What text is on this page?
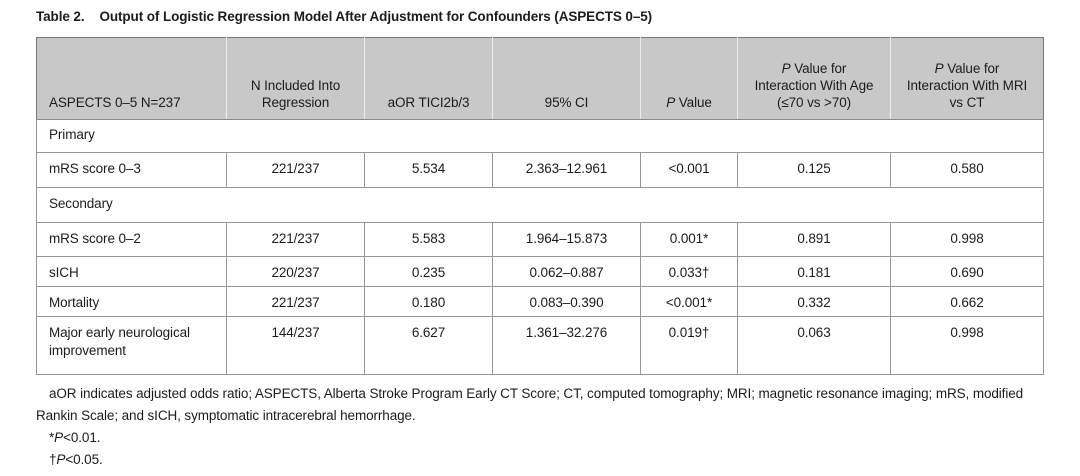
Table 2. Output of Logistic Regression Model After Adjustment for Confounders (ASPECTS 0–5)

ASPECTS 0–5 N=237	N Included Into Regression	aOR TICI2b/3	95% CI	P Value	P Value for Interaction With Age (≤70 vs >70)	P Value for Interaction With MRI vs CT
Primary						
mRS score 0–3	221/237	5.534	2.363–12.961	<0.001	0.125	0.580
Secondary						
mRS score 0–2	221/237	5.583	1.964–15.873	0.001*	0.891	0.998
sICH	220/237	0.235	0.062–0.887	0.033†	0.181	0.690
Mortality	221/237	0.180	0.083–0.390	<0.001*	0.332	0.662
Major early neurological improvement	144/237	6.627	1.361–32.276	0.019†	0.063	0.998

aOR indicates adjusted odds ratio; ASPECTS, Alberta Stroke Program Early CT Score; CT, computed tomography; MRI; magnetic resonance imaging; mRS, modified Rankin Scale; and sICH, symptomatic intracerebral hemorrhage.

*P<0.01.

†P<0.05.
